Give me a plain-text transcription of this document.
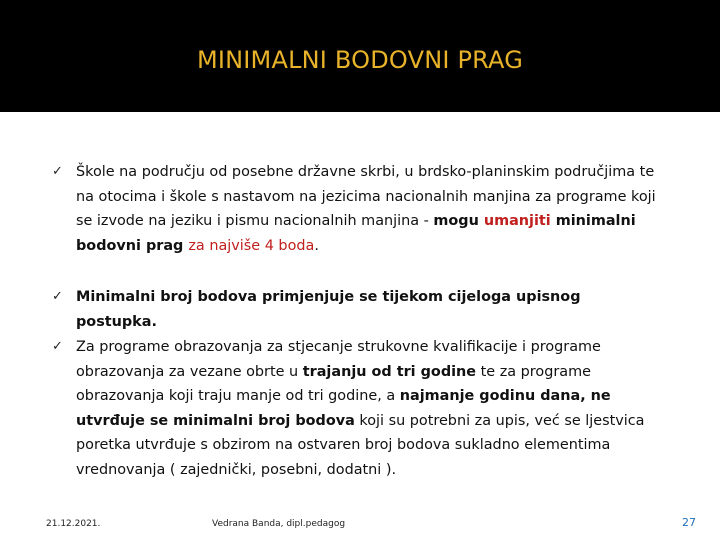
MINIMALNI BODOVNI PRAG
✓ Škole na području od posebne državne skrbi, u brdsko-planinskim područjima te na otocima i škole s nastavom na jezicima nacionalnih manjina za programe koji se izvode na jeziku i pismu nacionalnih manjina - mogu umanjiti minimalni bodovni prag za najviše 4 boda.
✓ Minimalni broj bodova primjenjuje se tijekom cijeloga upisnog postupka.
✓ Za programe obrazovanja za stjecanje strukovne kvalifikacije i programe obrazovanja za vezane obrte u trajanju od tri godine te za programe obrazovanja koji traju manje od tri godine, a najmanje godinu dana, ne utvrđuje se minimalni broj bodova koji su potrebni za upis, već se ljestvica poretka utvrđuje s obzirom na ostvaren broj bodova sukladno elementima vrednovanja ( zajednički, posebni, dodatni ).
21.12.2021.	Vedrana Banda, dipl.pedagog	27
